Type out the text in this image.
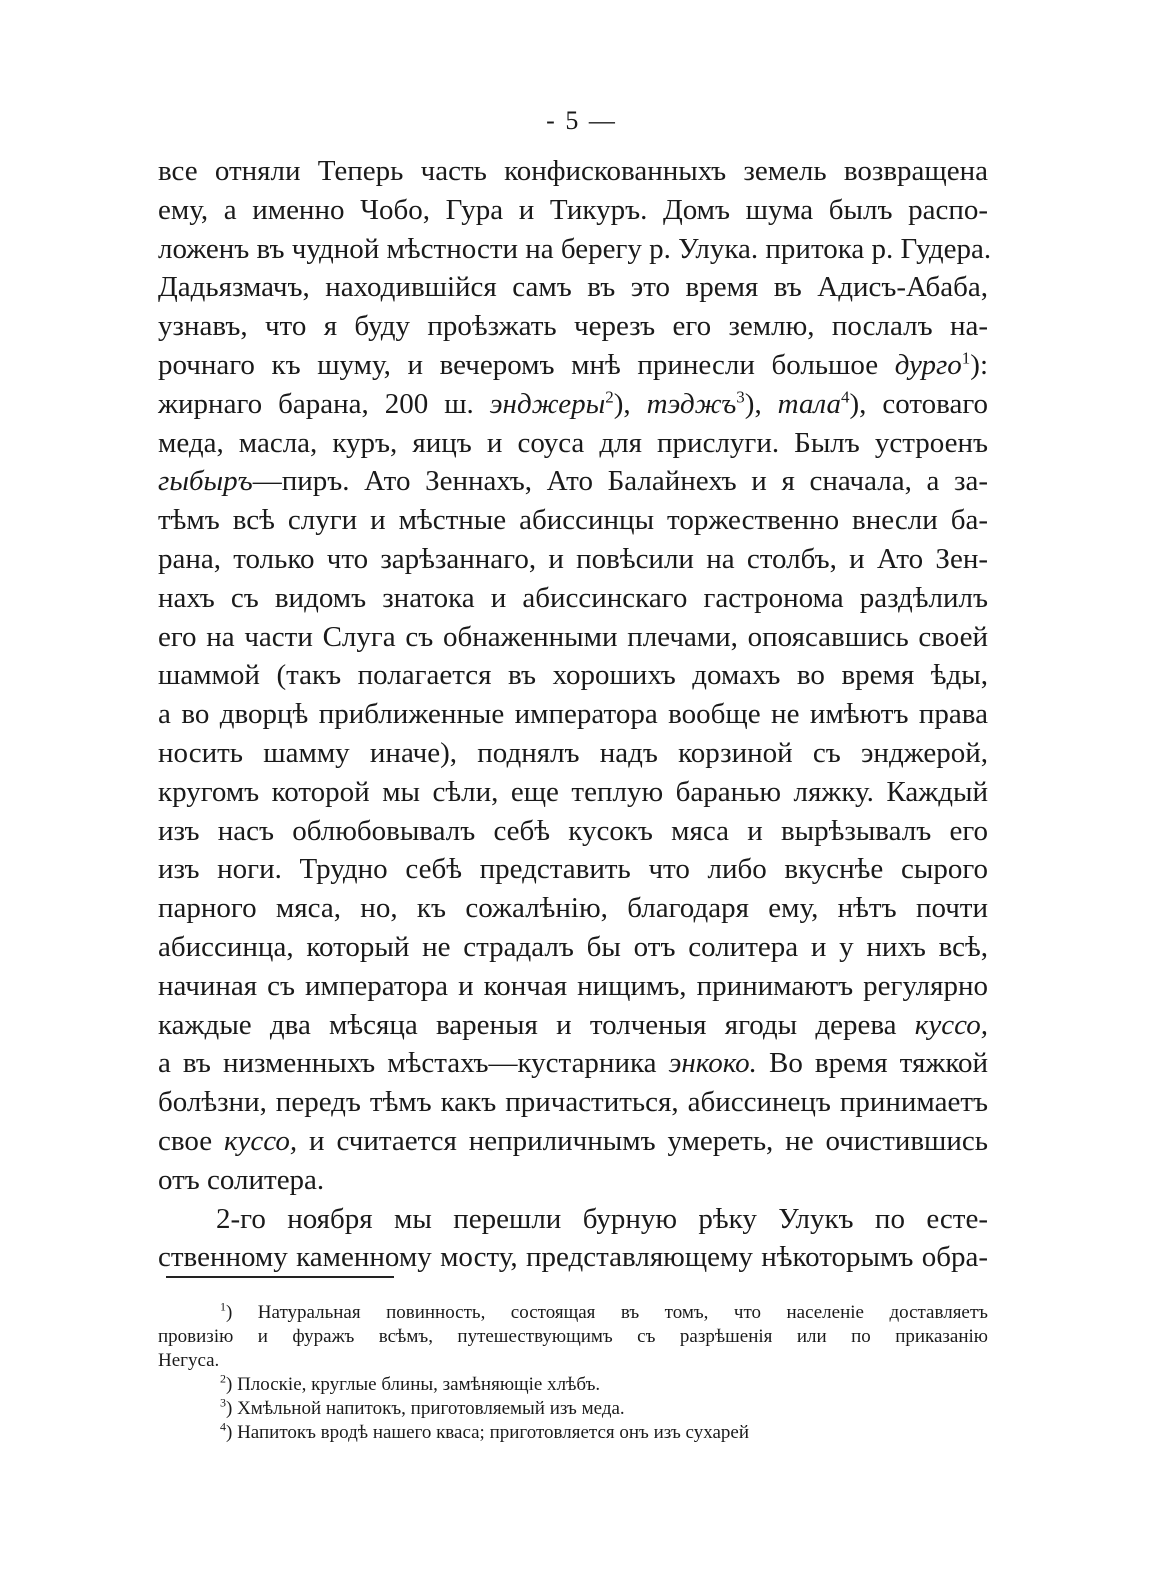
- 5 —
все отняли Теперь часть конфискованныхъ земель возвращена
ему, а именно Чобо, Гура и Тикуръ. Домъ шума былъ распо-
ложенъ въ чудной мѣстности на берегу р. Улука. притока р. Гудера.
Дадьязмачъ, находившійся самъ въ это время въ Адисъ-Абаба,
узнавъ, что я буду проѣзжать черезъ его землю, послалъ на-
рочнаго къ шуму, и вечеромъ мнѣ принесли большое дурго$^1$):
жирнаго барана, 200 ш. энджеры$^2$), тэджъ$^3$), тала$^4$), сотоваго
меда, масла, куръ, яицъ и соуса для прислуги. Былъ устроенъ
гыбыръ—пиръ. Ато Зеннахъ, Ато Балайнехъ и я сначала, а за-
тѣмъ всѣ слуги и мѣстные абиссинцы торжественно внесли ба-
рана, только что зарѣзаннаго, и повѣсили на столбъ, и Ато Зен-
нахъ съ видомъ знатока и абиссинскаго гастронома раздѣлилъ
его на части Слуга съ обнаженными плечами, опоясавшись своей
шаммой (такъ полагается въ хорошихъ домахъ во время ѣды,
а во дворцѣ приближенные императора вообще не имѣютъ права
носить шамму иначе), поднялъ надъ корзиной съ энджерой,
кругомъ которой мы сѣли, еще теплую баранью ляжку. Каждый
изъ насъ облюбовывалъ себѣ кусокъ мяса и вырѣзывалъ его
изъ ноги. Трудно себѣ представить что либо вкуснѣе сырого
парного мяса, но, къ сожалѣнію, благодаря ему, нѣтъ почти
абиссинца, который не страдалъ бы отъ солитера и у нихъ всѣ,
начиная съ императора и кончая нищимъ, принимаютъ регулярно
каждые два мѣсяца вареныя и толченыя ягоды дерева куссо,
а въ низменныхъ мѣстахъ—кустарника энкоко. Во время тяжкой
болѣзни, передъ тѣмъ какъ причаститься, абиссинецъ принимаетъ
свое куссо, и считается неприличнымъ умереть, не очистившись
отъ солитера.
2-го ноября мы перешли бурную рѣку Улукъ по есте-
ственному каменному мосту, представляющему нѣкоторымъ обра-
$^1$) Натуральная повинность, состоящая въ томъ, что населеніе доставляетъ
провизію и фуражъ всѣмъ, путешествующимъ съ разрѣшенія или по приказанію
Негуса.
$^2$) Плоскіе, круглые блины, замѣняющіе хлѣбъ.
$^3$) Хмѣльной напитокъ, приготовляемый изъ меда.
$^4$) Напитокъ вродѣ нашего кваса; приготовляется онъ изъ сухарей
